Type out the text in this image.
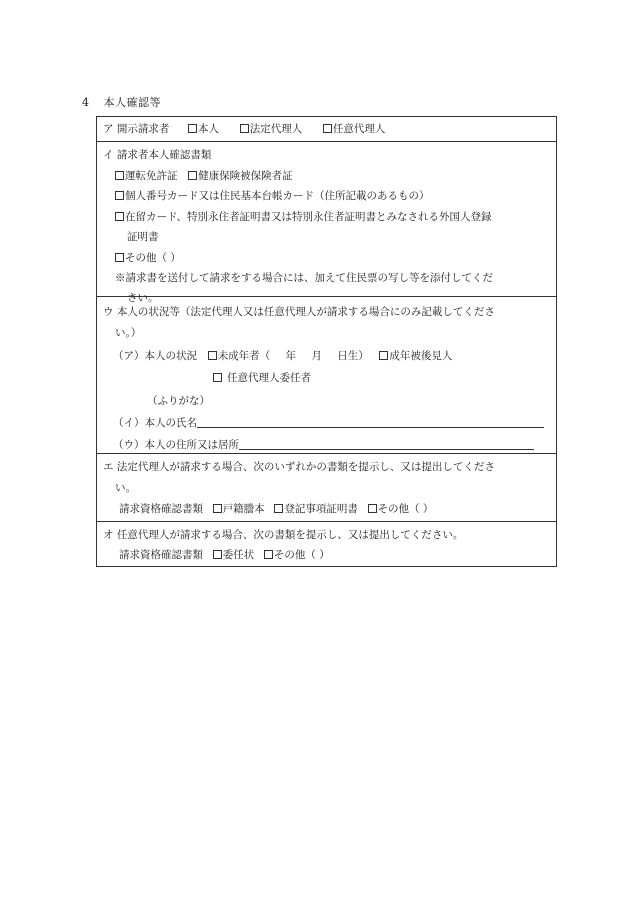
4 本人確認等
ア 開示請求者	本人	法定代理人	任意代理人
イ 請求者本人確認書類
運転免許証 健康保険被保険者証
個人番号カード又は住民基本台帳カード（住所記載のあるもの）
在留カード、特別永住者証明書又は特別永住者証明書とみなされる外国人登録
証明書
その他（ ）
※請求書を送付して請求をする場合には、加えて住民票の写し等を添付してくだ
さい。
ウ 本人の状況等（法定代理人又は任意代理人が請求する場合にのみ記載してくださ
い。）
（ア）本人の状況 未成年者（ 年 月 日生） 成年被後見人
任意代理人委任者
（ふりがな）
（イ）本人の氏名
（ウ）本人の住所又は居所
エ 法定代理人が請求する場合、次のいずれかの書類を提示し、又は提出してくださ
い。
請求資格確認書類 戸籍謄本 登記事項証明書 その他（ ）
オ 任意代理人が請求する場合、次の書類を提示し、又は提出してください。
請求資格確認書類 委任状 その他（ ）
